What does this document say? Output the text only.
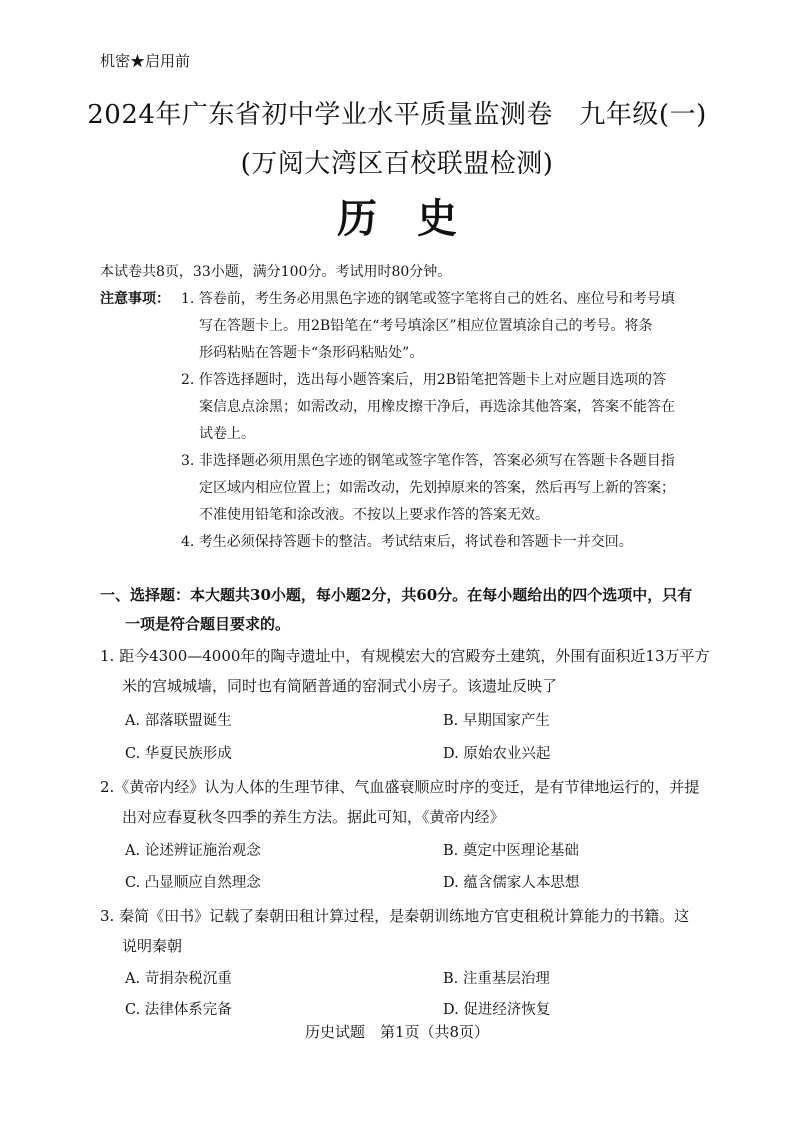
机密★启用前
2024年广东省初中学业水平质量监测卷　九年级(一)
(万阅大湾区百校联盟检测)
历史
本试卷共8页，33小题，满分100分。考试用时80分钟。
注意事项： 1. 答卷前，考生务必用黑色字迹的钢笔或签字笔将自己的姓名、座位号和考号填
写在答题卡上。用2B铅笔在“考号填涂区”相应位置填涂自己的考号。将条
形码粘贴在答题卡“条形码粘贴处”。
2. 作答选择题时，选出每小题答案后，用2B铅笔把答题卡上对应题目选项的答
案信息点涂黑；如需改动，用橡皮擦干净后，再选涂其他答案，答案不能答在
试卷上。
3. 非选择题必须用黑色字迹的钢笔或签字笔作答，答案必须写在答题卡各题目指
定区域内相应位置上；如需改动，先划掉原来的答案，然后再写上新的答案；
不准使用铅笔和涂改液。不按以上要求作答的答案无效。
4. 考生必须保持答题卡的整洁。考试结束后，将试卷和答题卡一并交回。
一、选择题：本大题共30小题，每小题2分，共60分。在每小题给出的四个选项中，只有
一项是符合题目要求的。
1. 距今4300—4000年的陶寺遗址中，有规模宏大的宫殿夯土建筑，外围有面积近13万平方
米的宫城城墙，同时也有简陋普通的窑洞式小房子。该遗址反映了
A. 部落联盟诞生	B. 早期国家产生
C. 华夏民族形成	D. 原始农业兴起
2.《黄帝内经》认为人体的生理节律、气血盛衰顺应时序的变迁，是有节律地运行的，并提
出对应春夏秋冬四季的养生方法。据此可知，《黄帝内经》
A. 论述辨证施治观念	B. 奠定中医理论基础
C. 凸显顺应自然理念	D. 蕴含儒家人本思想
3. 秦简《田书》记载了秦朝田租计算过程，是秦朝训练地方官吏租税计算能力的书籍。这
说明秦朝
A. 苛捐杂税沉重	B. 注重基层治理
C. 法律体系完备	D. 促进经济恢复
历史试题　第1页（共8页）
